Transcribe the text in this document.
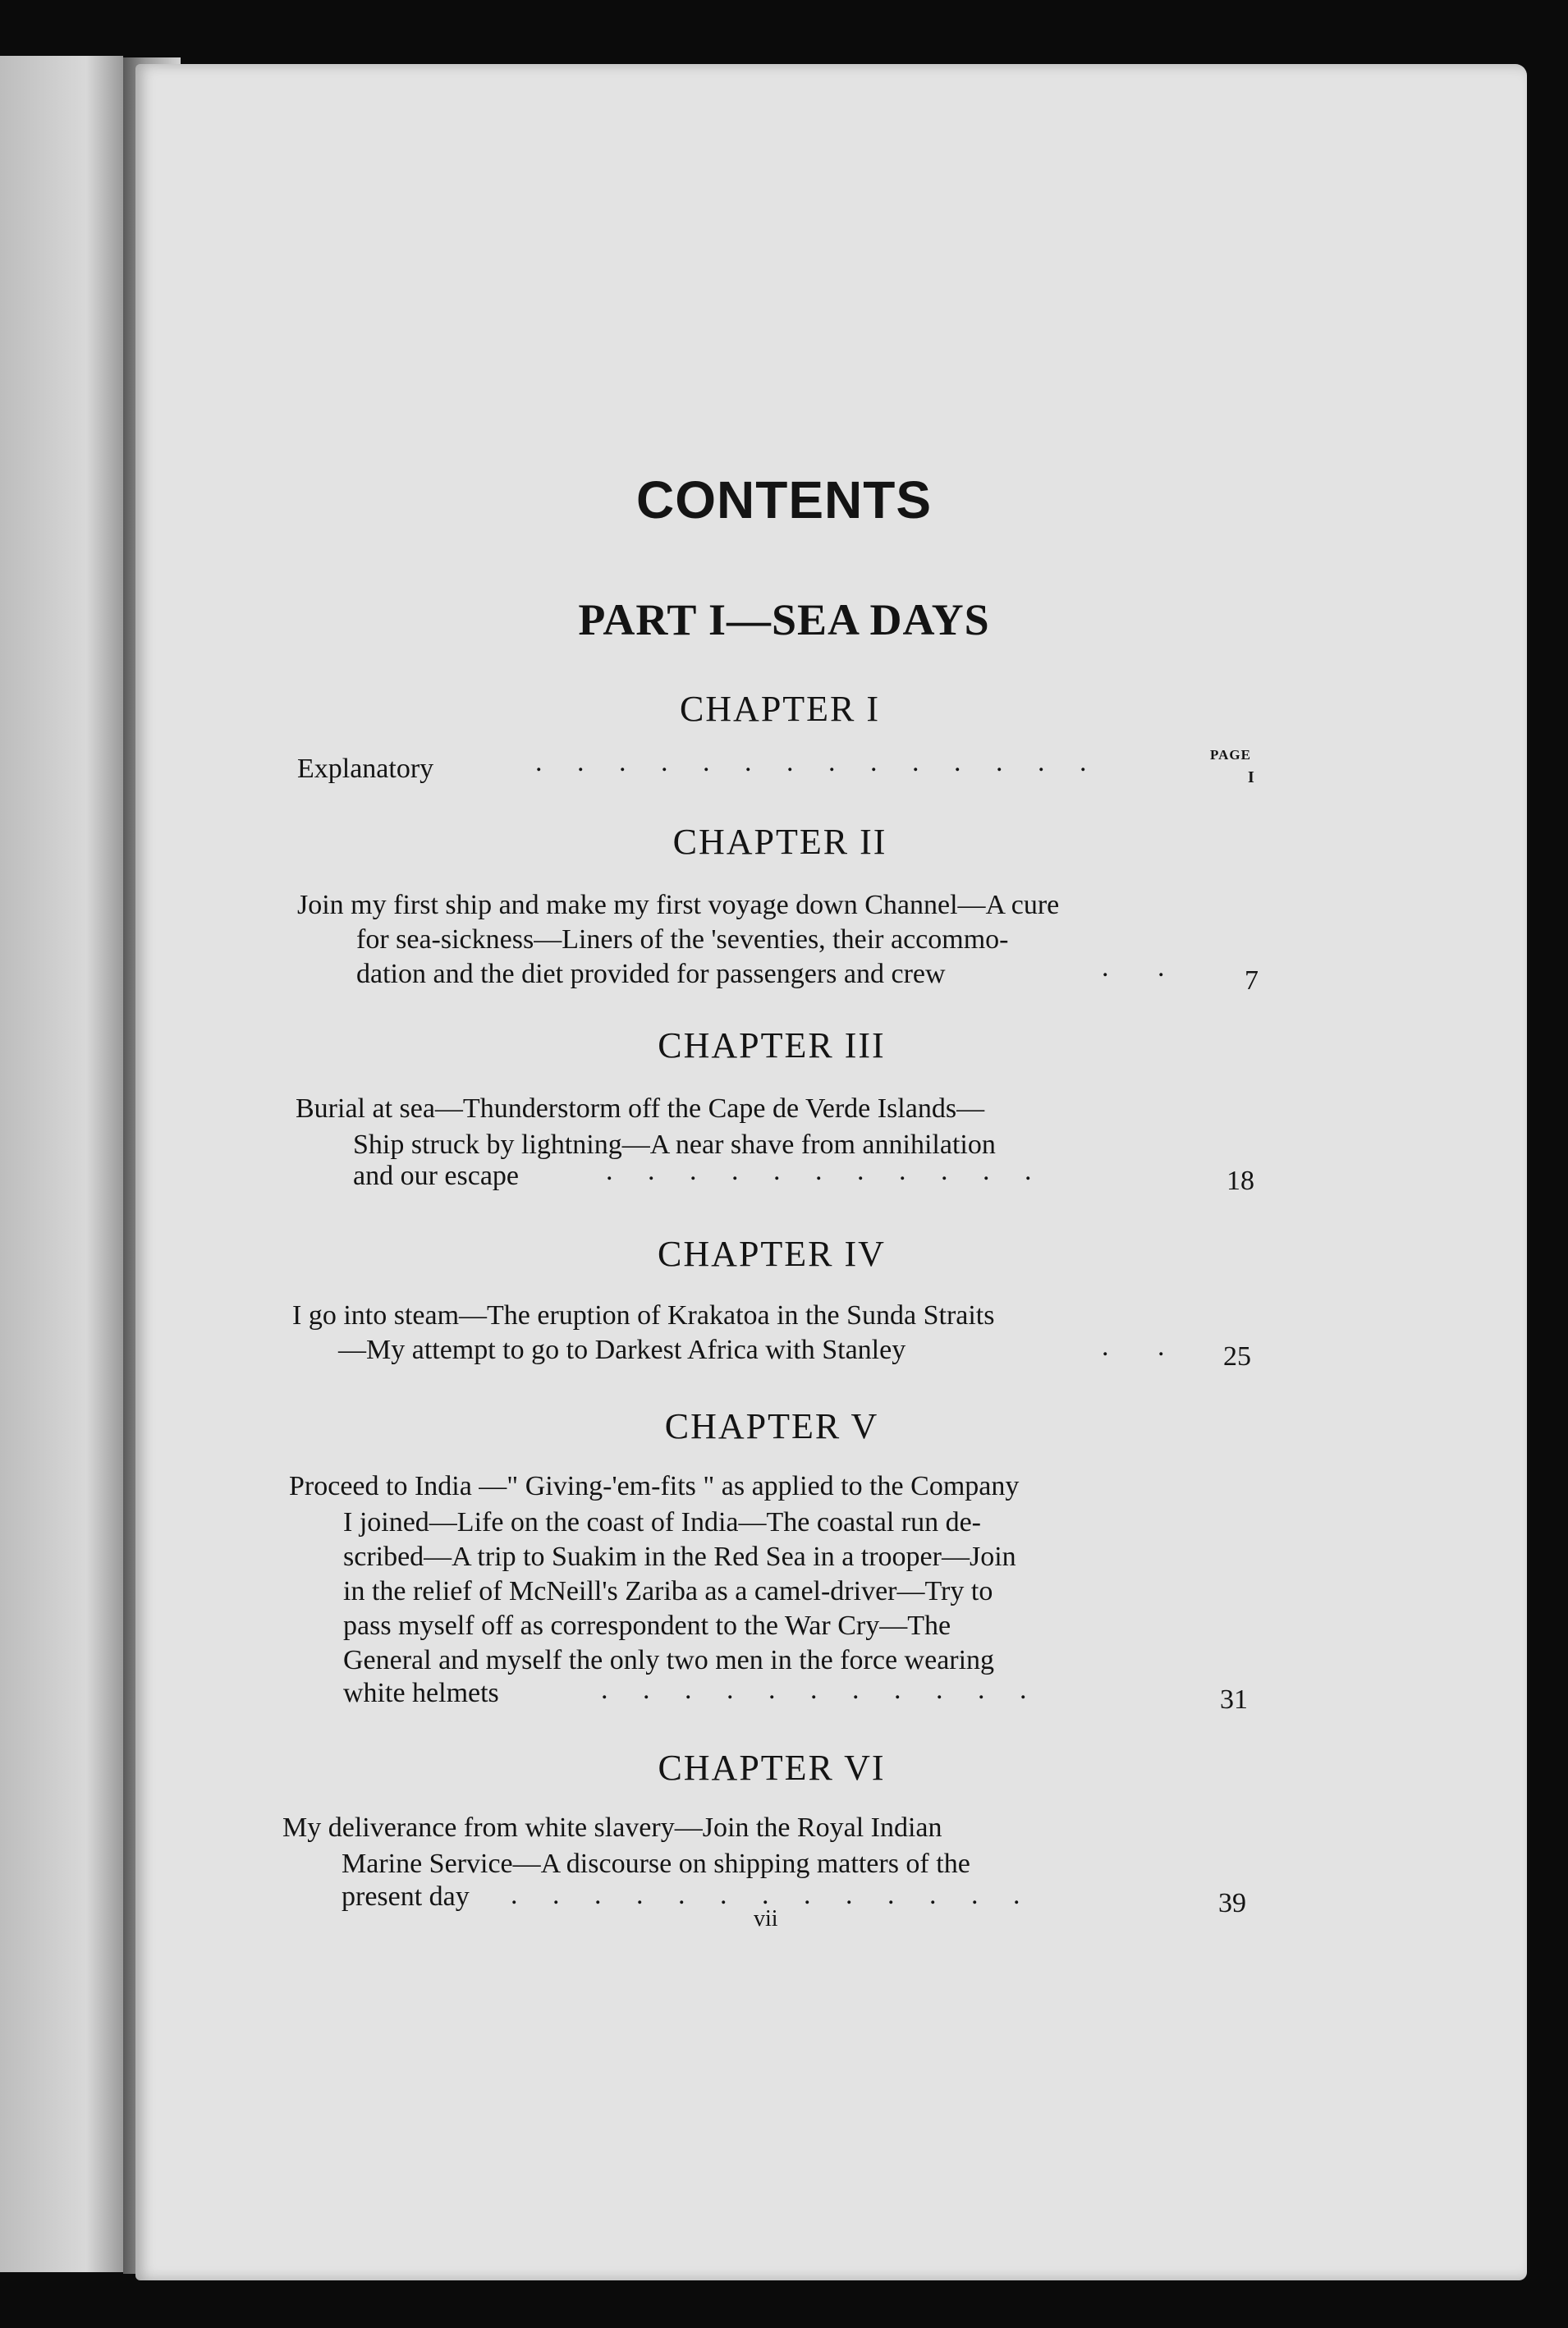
CONTENTS
PART I—SEA DAYS
CHAPTER I
PAGE
Explanatory	.     .     .     .     .     .     .     .     .     .     .     .     .     .	I
CHAPTER II
Join my first ship and make my first voyage down Channel—A cure
for sea-sickness—Liners of the 'seventies, their accommo-
dation and the diet provided for passengers and crew	.       .	7
CHAPTER III
Burial at sea—Thunderstorm off the Cape de Verde Islands—
Ship struck by lightning—A near shave from annihilation
and our escape	.     .     .     .     .     .     .     .     .     .     .	18
CHAPTER IV
I go into steam—The eruption of Krakatoa in the Sunda Straits
—My attempt to go to Darkest Africa with Stanley	.       . 25
CHAPTER V
Proceed to India —" Giving-'em-fits " as applied to the Company
I joined—Life on the coast of India—The coastal run de-
scribed—A trip to Suakim in the Red Sea in a trooper—Join
in the relief of McNeill's Zariba as a camel-driver—Try to
pass myself off as correspondent to the War Cry—The
General and myself the only two men in the force wearing
white helmets	.     .     .     .     .     .     .     .     .     .     .	31
CHAPTER VI
My deliverance from white slavery—Join the Royal Indian
Marine Service—A discourse on shipping matters of the
present day .     .     .     .     .     .     .     .     .     .     .     .     .	39
vii
